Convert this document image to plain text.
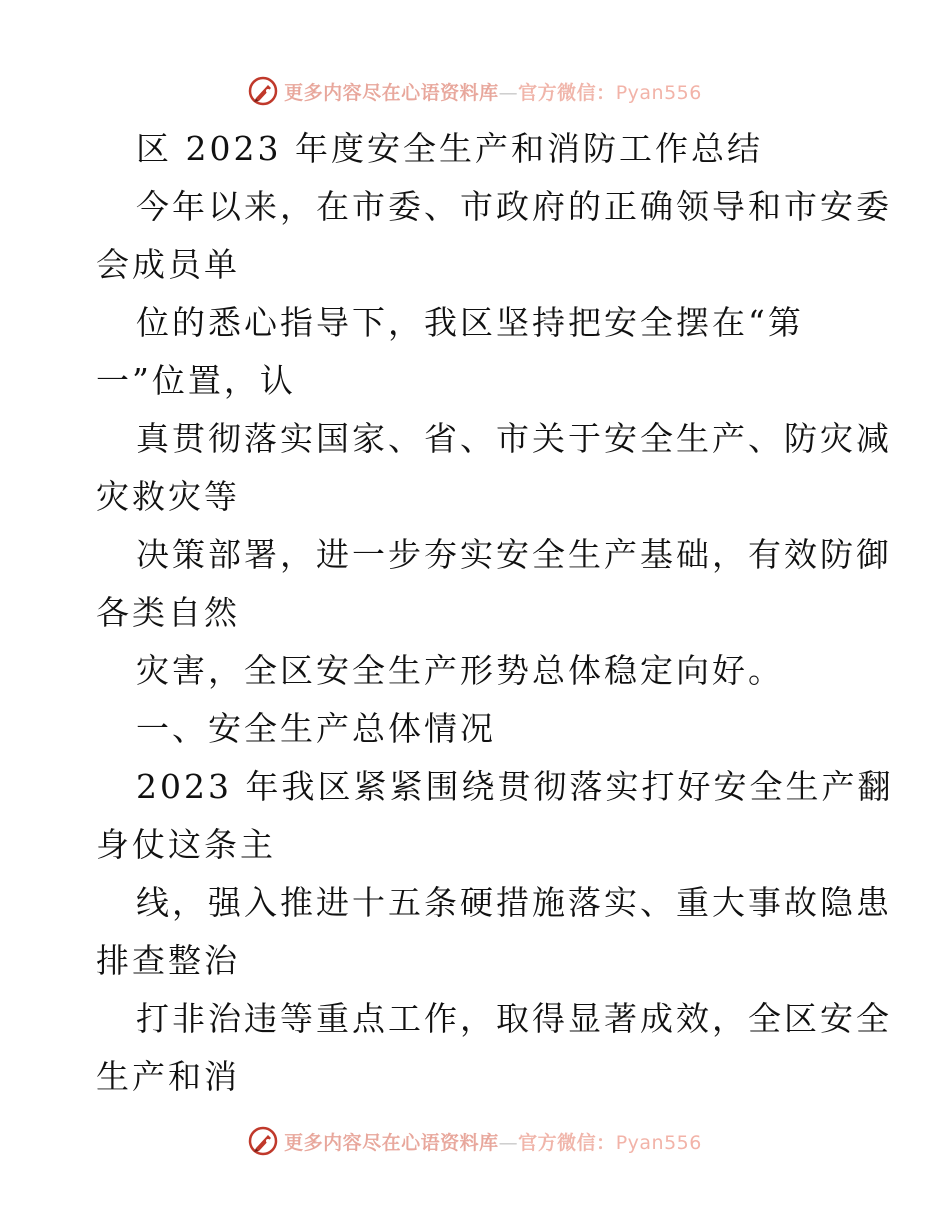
更多内容尽在心语资料库—官方微信：Pyan556
区 2023 年度安全生产和消防工作总结
今年以来，在市委、市政府的正确领导和市安委
会成员单
位的悉心指导下，我区坚持把安全摆在“第
一”位置，认
真贯彻落实国家、省、市关于安全生产、防灾减
灾救灾等
决策部署，进一步夯实安全生产基础，有效防御
各类自然
灾害，全区安全生产形势总体稳定向好。
一、安全生产总体情况
2023 年我区紧紧围绕贯彻落实打好安全生产翻
身仗这条主
线，强入推进十五条硬措施落实、重大事故隐患
排查整治
打非治违等重点工作，取得显著成效，全区安全
生产和消
更多内容尽在心语资料库—官方微信：Pyan556
